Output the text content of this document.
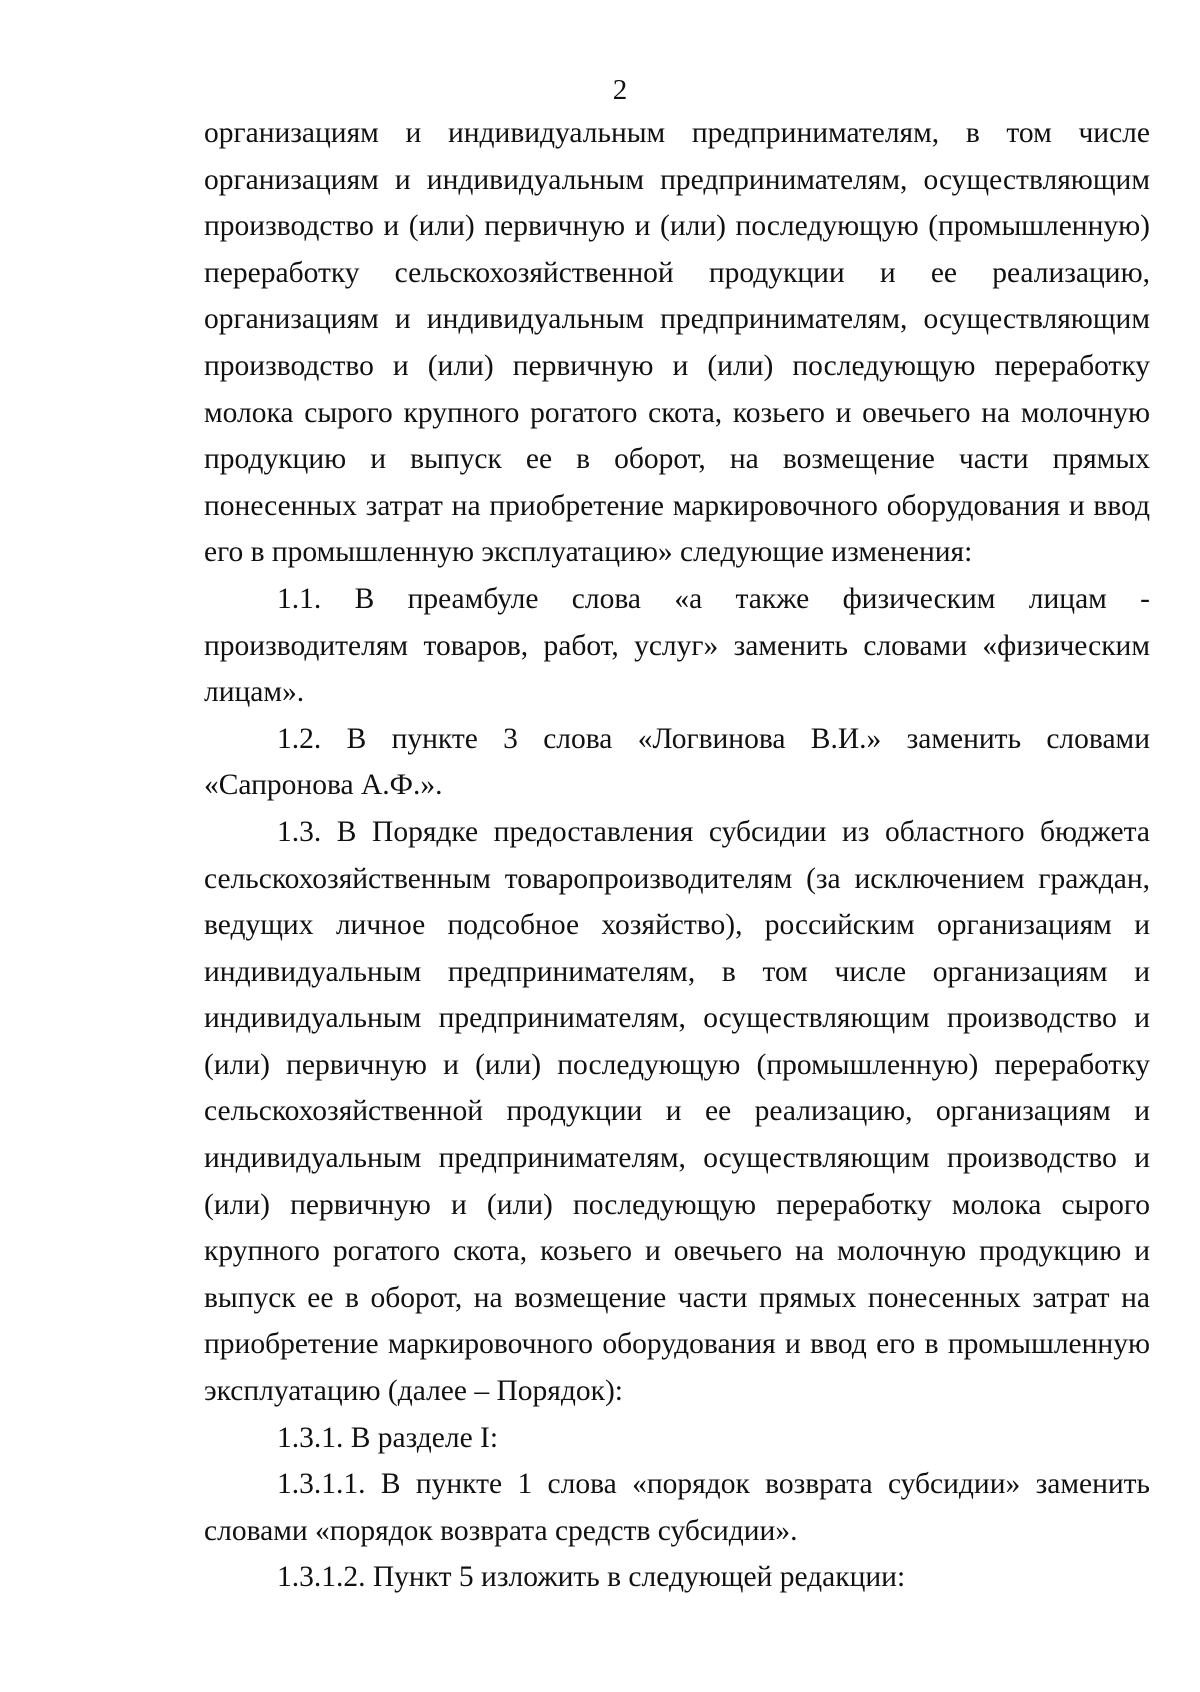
2

организациям и индивидуальным предпринимателям, в том числе организациям и индивидуальным предпринимателям, осуществляющим производство и (или) первичную и (или) последующую (промышленную) переработку сельскохозяйственной продукции и ее реализацию, организациям и индивидуальным предпринимателям, осуществляющим производство и (или) первичную и (или) последующую переработку молока сырого крупного рогатого скота, козьего и овечьего на молочную продукцию и выпуск ее в оборот, на возмещение части прямых понесенных затрат на приобретение маркировочного оборудования и ввод его в промышленную эксплуатацию» следующие изменения:

1.1. В преамбуле слова «а также физическим лицам - производителям товаров, работ, услуг» заменить словами «физическим лицам».

1.2. В пункте 3 слова «Логвинова В.И.» заменить словами «Сапронова А.Ф.».

1.3. В Порядке предоставления субсидии из областного бюджета сельскохозяйственным товаропроизводителям (за исключением граждан, ведущих личное подсобное хозяйство), российским организациям и индивидуальным предпринимателям, в том числе организациям и индивидуальным предпринимателям, осуществляющим производство и (или) первичную и (или) последующую (промышленную) переработку сельскохозяйственной продукции и ее реализацию, организациям и индивидуальным предпринимателям, осуществляющим производство и (или) первичную и (или) последующую переработку молока сырого крупного рогатого скота, козьего и овечьего на молочную продукцию и выпуск ее в оборот, на возмещение части прямых понесенных затрат на приобретение маркировочного оборудования и ввод его в промышленную эксплуатацию (далее – Порядок):

1.3.1. В разделе I:

1.3.1.1. В пункте 1 слова «порядок возврата субсидии» заменить словами «порядок возврата средств субсидии».

1.3.1.2. Пункт 5 изложить в следующей редакции:
